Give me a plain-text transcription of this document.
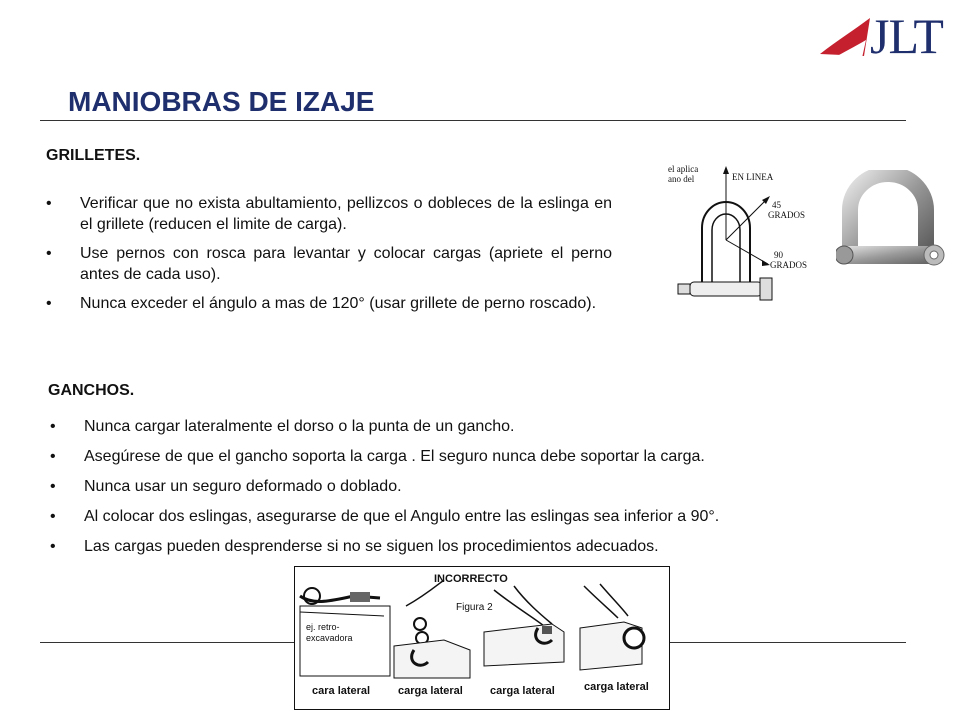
JLT
MANIOBRAS DE IZAJE
GRILLETES.
• Verificar que no exista abultamiento, pellizcos o dobleces de la eslinga en el grillete (reducen el limite de carga).
• Use pernos con rosca para levantar y colocar cargas (apriete el perno antes de cada uso).
• Nunca exceder el ángulo a mas de 120° (usar grillete de perno roscado).
el aplica
ano del	EN LINEA
45
GRADOS
90
GRADOS
GANCHOS.
• Nunca cargar lateralmente el dorso o la punta de un gancho.
• Asegúrese de que el gancho soporta la carga . El seguro nunca debe soportar la carga.
• Nunca usar un seguro deformado o doblado.
• Al colocar dos eslingas, asegurarse de que el Angulo entre las eslingas sea inferior a 90°.
• Las cargas pueden desprenderse si no se siguen los procedimientos adecuados.
INCORRECTO
Figura 2
ej. retro-
excavadora
cara lateral	carga lateral carga lateral	carga lateral
